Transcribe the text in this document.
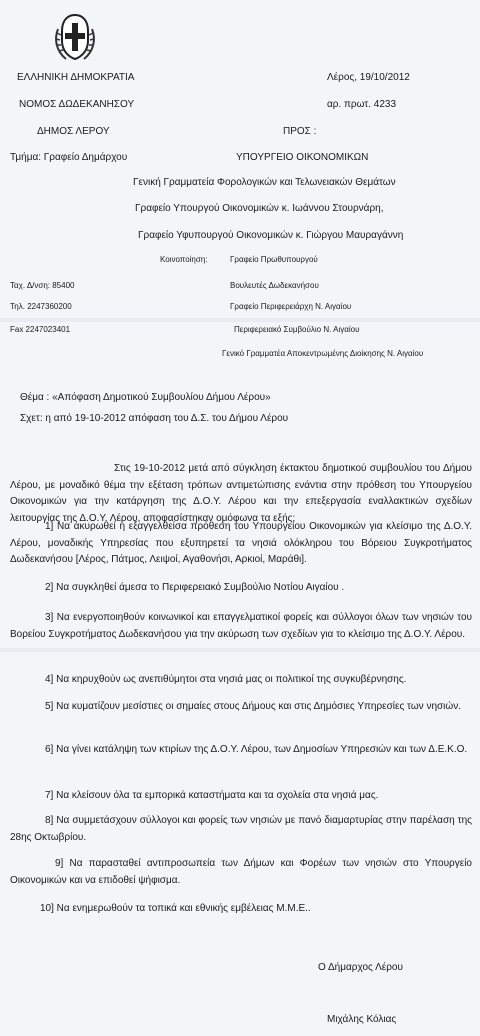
ΕΛΛΗΝΙΚΗ ΔΗΜΟΚΡΑΤΙΑ
ΝΟΜΟΣ ΔΩΔΕΚΑΝΗΣΟΥ
ΔΗΜΟΣ ΛΕΡΟΥ
Τμήμα: Γραφείο Δημάρχου
Λέρος, 19/10/2012
αρ. πρωτ. 4233
ΠΡΟΣ :
ΥΠΟΥΡΓΕΙΟ ΟΙΚΟΝΟΜΙΚΩΝ
Γενική Γραμματεία Φορολογικών και Τελωνειακών Θεμάτων
Γραφείο Υπουργού Οικονομικών κ. Ιωάννου Στουρνάρη,
Γραφείο Υφυπουργού Οικονομικών κ. Γιώργου Μαυραγάννη
Κοινοποίηση:	Γραφείο Πρωθυπουργού
Βουλευτές Δωδεκανήσου
Γραφείο Περιφερειάρχη Ν. Αιγαίου
Περιφερειακό Συμβούλιο Ν. Αιγαίου
Γενικό Γραμματέα Αποκεντρωμένης Διοίκησης Ν. Αιγαίου
Ταχ. Δ/νση: 85400
Τηλ. 2247360200
Fax 2247023401
Θέμα : «Απόφαση Δημοτικού Συμβουλίου Δήμου Λέρου»
Σχετ: η από 19-10-2012 απόφαση του Δ.Σ. του Δήμου Λέρου
Στις 19-10-2012 μετά από σύγκληση έκτακτου δημοτικού συμβουλίου του Δήμου Λέρου, με μοναδικό θέμα την εξέταση τρόπων αντιμετώπισης ενάντια στην πρόθεση του Υπουργείου Οικονομικών για την κατάργηση της Δ.Ο.Υ. Λέρου και την επεξεργασία εναλλακτικών σχεδίων λειτουργίας της Δ.Ο.Υ. Λέρου, αποφασίστηκαν ομόφωνα τα εξής:
1] Να ακυρωθεί η εξαγγελθείσα πρόθεση του Υπουργείου Οικονομικών για κλείσιμο της Δ.Ο.Υ. Λέρου, μοναδικής Υπηρεσίας που εξυπηρετεί τα νησιά ολόκληρου του Βόρειου Συγκροτήματος Δωδεκανήσου [Λέρος, Πάτμος, Λειψοί, Αγαθονήσι, Αρκιοί, Μαράθι].
2] Να συγκληθεί άμεσα το Περιφερειακό Συμβούλιο Νοτίου Αιγαίου .
3] Να ενεργοποιηθούν κοινωνικοί και επαγγελματικοί φορείς και σύλλογοι όλων των νησιών του Βορείου Συγκροτήματος Δωδεκανήσου για την ακύρωση των σχεδίων για το κλείσιμο της Δ.Ο.Υ. Λέρου.
4] Να κηρυχθούν ως ανεπιθύμητοι στα νησιά μας οι πολιτικοί της συγκυβέρνησης.
5] Να κυματίζουν μεσίστιες οι σημαίες στους Δήμους και στις Δημόσιες Υπηρεσίες των νησιών.
6] Να γίνει κατάληψη των κτιρίων της Δ.Ο.Υ. Λέρου, των Δημοσίων Υπηρεσιών και των Δ.Ε.Κ.Ο.
7] Να κλείσουν όλα τα εμπορικά καταστήματα και τα σχολεία στα νησιά μας.
8] Να συμμετάσχουν σύλλογοι και φορείς των νησιών με πανό διαμαρτυρίας στην παρέλαση της 28ης Οκτωβρίου.
9] Να παρασταθεί αντιπροσωπεία των Δήμων και Φορέων των νησιών στο Υπουργείο Οικονομικών και να επιδοθεί ψήφισμα.
10] Να ενημερωθούν τα τοπικά και εθνικής εμβέλειας Μ.Μ.Ε..
Ο Δήμαρχος Λέρου
Μιχάλης Κόλιας
